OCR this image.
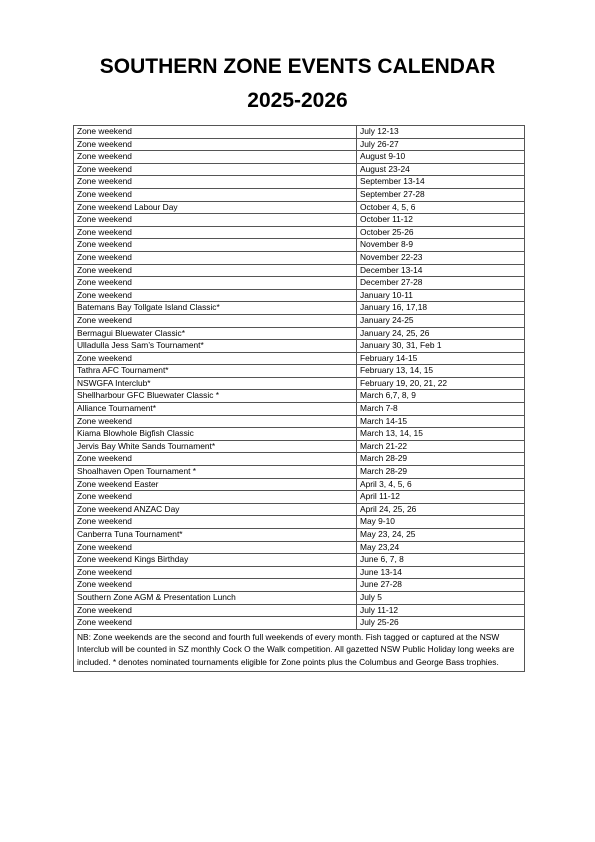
SOUTHERN ZONE EVENTS CALENDAR
2025-2026
Zone weekend	July 12-13
Zone weekend	July 26-27
Zone weekend	August 9-10
Zone weekend	August 23-24
Zone weekend	September 13-14
Zone weekend	September 27-28
Zone weekend Labour Day	October 4, 5, 6
Zone weekend	October 11-12
Zone weekend	October 25-26
Zone weekend	November 8-9
Zone weekend	November 22-23
Zone weekend	December 13-14
Zone weekend	December 27-28
Zone weekend	January 10-11
Batemans Bay Tollgate Island Classic*	January 16, 17,18
Zone weekend	January 24-25
Bermagui Bluewater Classic*	January 24, 25, 26
Ulladulla Jess Sam’s Tournament*	January 30, 31, Feb 1
Zone weekend	February 14-15
Tathra AFC Tournament*	February 13, 14, 15
NSWGFA Interclub*	February 19, 20, 21, 22
Shellharbour GFC Bluewater Classic *	March 6,7, 8, 9
Alliance Tournament*	March 7-8
Zone weekend	March 14-15
Kiama Blowhole Bigfish Classic	March 13, 14, 15
Jervis Bay White Sands Tournament*	March 21-22
Zone weekend	March 28-29
Shoalhaven Open Tournament *	March 28-29
Zone weekend Easter	April 3, 4, 5, 6
Zone weekend	April 11-12
Zone weekend ANZAC Day	April 24, 25, 26
Zone weekend	May 9-10
Canberra Tuna Tournament*	May 23, 24, 25
Zone weekend	May 23,24
Zone weekend Kings Birthday	June 6, 7, 8
Zone weekend	June 13-14
Zone weekend	June 27-28
Southern Zone AGM & Presentation Lunch	July 5
Zone weekend	July 11-12
Zone weekend	July 25-26
NB: Zone weekends are the second and fourth full weekends of every month. Fish tagged or captured at the NSW Interclub will be counted in SZ monthly Cock O the Walk competition. All gazetted NSW Public Holiday long weeks are included. * denotes nominated tournaments eligible for Zone points plus the Columbus and George Bass trophies.	
